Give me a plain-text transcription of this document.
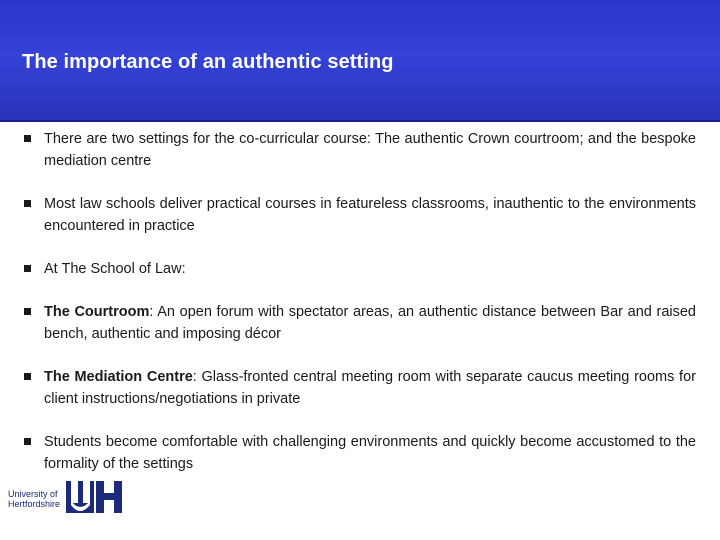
The importance of an authentic setting
There are two settings for the co-curricular course: The authentic Crown courtroom; and the bespoke mediation centre
Most law schools deliver practical courses in featureless classrooms, inauthentic to the environments encountered in practice
At The School of Law:
The Courtroom: An open forum with spectator areas, an authentic distance between Bar and raised bench, authentic and imposing décor
The Mediation Centre: Glass-fronted central meeting room with separate caucus meeting rooms for client instructions/negotiations in private
Students become comfortable with challenging environments and quickly become accustomed to the formality of the settings
University of
Hertfordshire
